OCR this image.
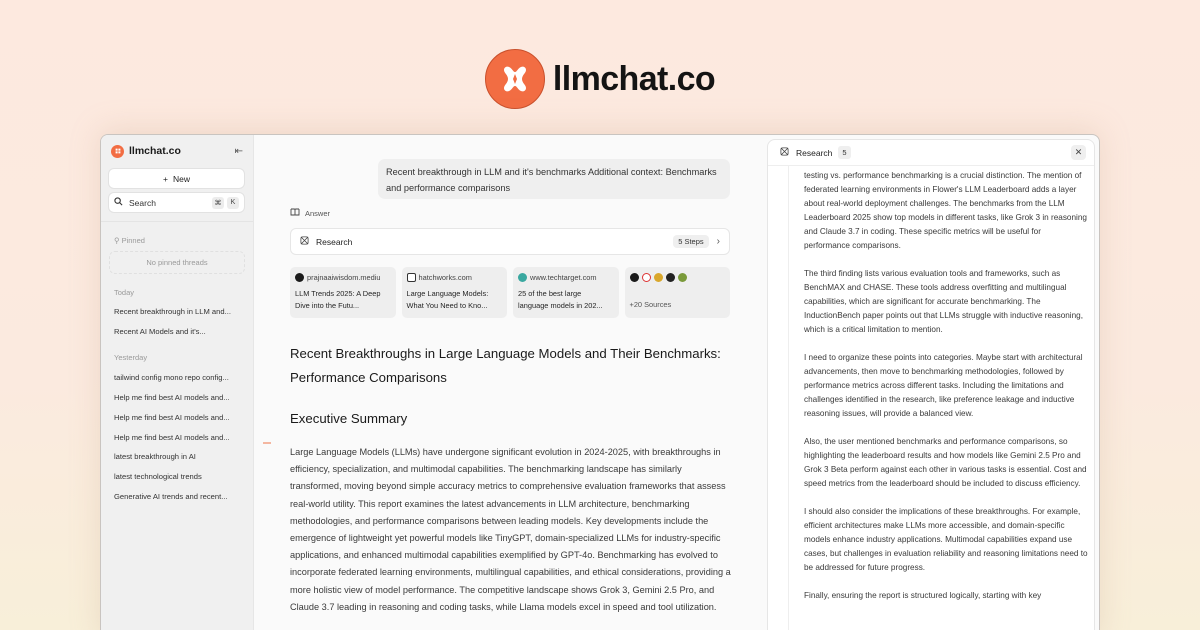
llmchat.co
llmchat.co	⇤
+ New
Search	⌘	K
⚲ Pinned
No pinned threads
Today
Recent breakthrough in LLM and...
Recent AI Models and it's...
Yesterday
tailwind config mono repo config...
Help me find best AI models and...
Help me find best AI models and...
Help me find best AI models and...
latest breakthrough in AI
latest technological trends
Generative AI trends and recent...
Recent breakthrough in LLM and it's benchmarks Additional context: Benchmarks and performance comparisons
Answer
Research	5 Steps	›
prajnaaiwisdom.mediu
LLM Trends 2025: A Deep Dive into the Futu...
hatchworks.com
Large Language Models: What You Need to Kno...
www.techtarget.com
25 of the best large language models in 202...	+20 Sources
Recent Breakthroughs in Large Language Models and Their Benchmarks: Performance Comparisons
Executive Summary

Large Language Models (LLMs) have undergone significant evolution in 2024-2025, with breakthroughs in efficiency, specialization, and multimodal capabilities. The benchmarking landscape has similarly transformed, moving beyond simple accuracy metrics to comprehensive evaluation frameworks that assess real-world utility. This report examines the latest advancements in LLM architecture, benchmarking methodologies, and performance comparisons between leading models. Key developments include the emergence of lightweight yet powerful models like TinyGPT, domain-specialized LLMs for industry-specific applications, and enhanced multimodal capabilities exemplified by GPT-4o. Benchmarking has evolved to incorporate federated learning environments, multilingual capabilities, and ethical considerations, providing a more holistic view of model performance. The competitive landscape shows Grok 3, Gemini 2.5 Pro, and Claude 3.7 leading in reasoning and coding tasks, while Llama models excel in speed and tool utilization.

Research	5	✕

testing vs. performance benchmarking is a crucial distinction. The mention of federated learning environments in Flower's LLM Leaderboard adds a layer about real-world deployment challenges. The benchmarks from the LLM Leaderboard 2025 show top models in different tasks, like Grok 3 in reasoning and Claude 3.7 in coding. These specific metrics will be useful for performance comparisons.

The third finding lists various evaluation tools and frameworks, such as BenchMAX and CHASE. These tools address overfitting and multilingual capabilities, which are significant for accurate benchmarking. The InductionBench paper points out that LLMs struggle with inductive reasoning, which is a critical limitation to mention.

I need to organize these points into categories. Maybe start with architectural advancements, then move to benchmarking methodologies, followed by performance metrics across different tasks. Including the limitations and challenges identified in the research, like preference leakage and inductive reasoning issues, will provide a balanced view.

Also, the user mentioned benchmarks and performance comparisons, so highlighting the leaderboard results and how models like Gemini 2.5 Pro and Grok 3 Beta perform against each other in various tasks is essential. Cost and speed metrics from the leaderboard should be included to discuss efficiency.

I should also consider the implications of these breakthroughs. For example, efficient architectures make LLMs more accessible, and domain-specific models enhance industry applications. Multimodal capabilities expand use cases, but challenges in evaluation reliability and reasoning limitations need to be addressed for future progress.

Finally, ensuring the report is structured logically, starting with key
